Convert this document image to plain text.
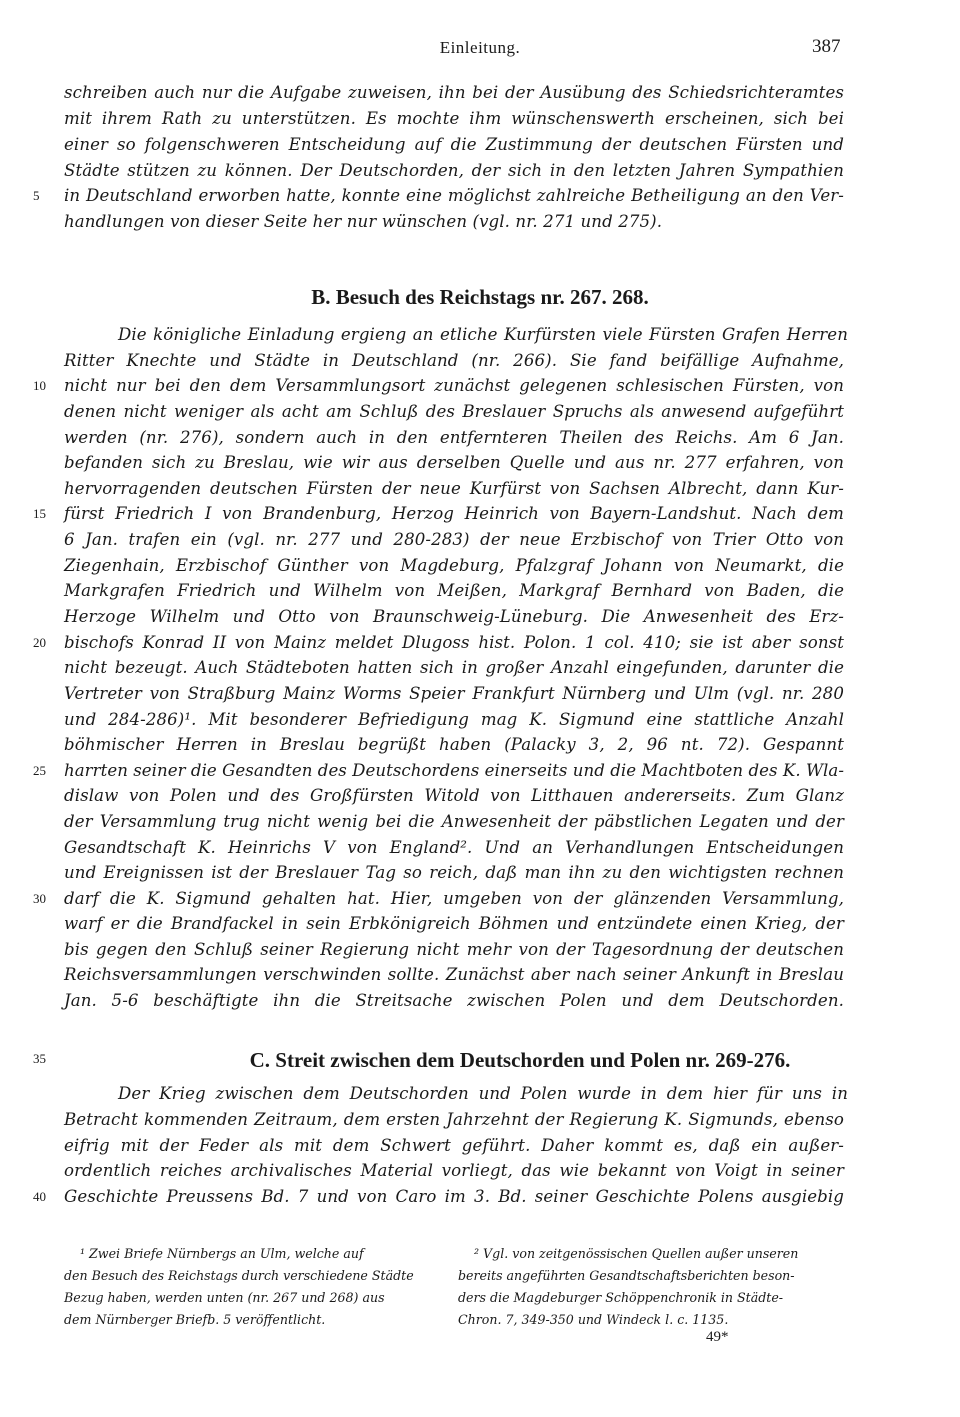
Einleitung.	387
schreiben auch nur die Aufgabe zuweisen, ihn bei der Ausübung des Schiedsrichteramtes
mit ihrem Rath zu unterstützen. Es mochte ihm wünschenswerth erscheinen, sich bei
einer so folgenschweren Entscheidung auf die Zustimmung der deutschen Fürsten und
Städte stützen zu können. Der Deutschorden, der sich in den letzten Jahren Sympathien
in Deutschland erworben hatte, konnte eine möglichst zahlreiche Betheiligung an den Ver-
handlungen von dieser Seite her nur wünschen (vgl. nr. 271 und 275).
B. Besuch des Reichstags nr. 267. 268.
Die königliche Einladung ergieng an etliche Kurfürsten viele Fürsten Grafen Herren
Ritter Knechte und Städte in Deutschland (nr. 266). Sie fand beifällige Aufnahme,
nicht nur bei den dem Versammlungsort zunächst gelegenen schlesischen Fürsten, von
denen nicht weniger als acht am Schluß des Breslauer Spruchs als anwesend aufgeführt
werden (nr. 276), sondern auch in den entfernteren Theilen des Reichs. Am 6 Jan.
befanden sich zu Breslau, wie wir aus derselben Quelle und aus nr. 277 erfahren, von
hervorragenden deutschen Fürsten der neue Kurfürst von Sachsen Albrecht, dann Kur-
fürst Friedrich I von Brandenburg, Herzog Heinrich von Bayern-Landshut. Nach dem
6 Jan. trafen ein (vgl. nr. 277 und 280-283) der neue Erzbischof von Trier Otto von
Ziegenhain, Erzbischof Günther von Magdeburg, Pfalzgraf Johann von Neumarkt, die
Markgrafen Friedrich und Wilhelm von Meißen, Markgraf Bernhard von Baden, die
Herzoge Wilhelm und Otto von Braunschweig-Lüneburg. Die Anwesenheit des Erz-
bischofs Konrad II von Mainz meldet Dlugoss hist. Polon. 1 col. 410; sie ist aber sonst
nicht bezeugt. Auch Städteboten hatten sich in großer Anzahl eingefunden, darunter die
Vertreter von Straßburg Mainz Worms Speier Frankfurt Nürnberg und Ulm (vgl. nr. 280
und 284-286)¹. Mit besonderer Befriedigung mag K. Sigmund eine stattliche Anzahl
böhmischer Herren in Breslau begrüßt haben (Palacky 3, 2, 96 nt. 72). Gespannt
harrten seiner die Gesandten des Deutschordens einerseits und die Machtboten des K. Wla-
dislaw von Polen und des Großfürsten Witold von Litthauen andererseits. Zum Glanz
der Versammlung trug nicht wenig bei die Anwesenheit der päbstlichen Legaten und der
Gesandtschaft K. Heinrichs V von England². Und an Verhandlungen Entscheidungen
und Ereignissen ist der Breslauer Tag so reich, daß man ihn zu den wichtigsten rechnen
darf die K. Sigmund gehalten hat. Hier, umgeben von der glänzenden Versammlung,
warf er die Brandfackel in sein Erbkönigreich Böhmen und entzündete einen Krieg, der
bis gegen den Schluß seiner Regierung nicht mehr von der Tagesordnung der deutschen
Reichsversammlungen verschwinden sollte. Zunächst aber nach seiner Ankunft in Breslau
Jan. 5-6 beschäftigte ihn die Streitsache zwischen Polen und dem Deutschorden.
C. Streit zwischen dem Deutschorden und Polen nr. 269-276.
Der Krieg zwischen dem Deutschorden und Polen wurde in dem hier für uns in
Betracht kommenden Zeitraum, dem ersten Jahrzehnt der Regierung K. Sigmunds, ebenso
eifrig mit der Feder als mit dem Schwert geführt. Daher kommt es, daß ein außer-
ordentlich reiches archivalisches Material vorliegt, das wie bekannt von Voigt in seiner
Geschichte Preussens Bd. 7 und von Caro im 3. Bd. seiner Geschichte Polens ausgiebig
5
10
15
20
25
30
35
40
¹ Zwei Briefe Nürnbergs an Ulm, welche auf
den Besuch des Reichstags durch verschiedene Städte
Bezug haben, werden unten (nr. 267 und 268) aus
dem Nürnberger Briefb. 5 veröffentlicht.
² Vgl. von zeitgenössischen Quellen außer unseren
bereits angeführten Gesandtschaftsberichten beson-
ders die Magdeburger Schöppenchronik in Städte-
Chron. 7, 349-350 und Windeck l. c. 1135.
49*
